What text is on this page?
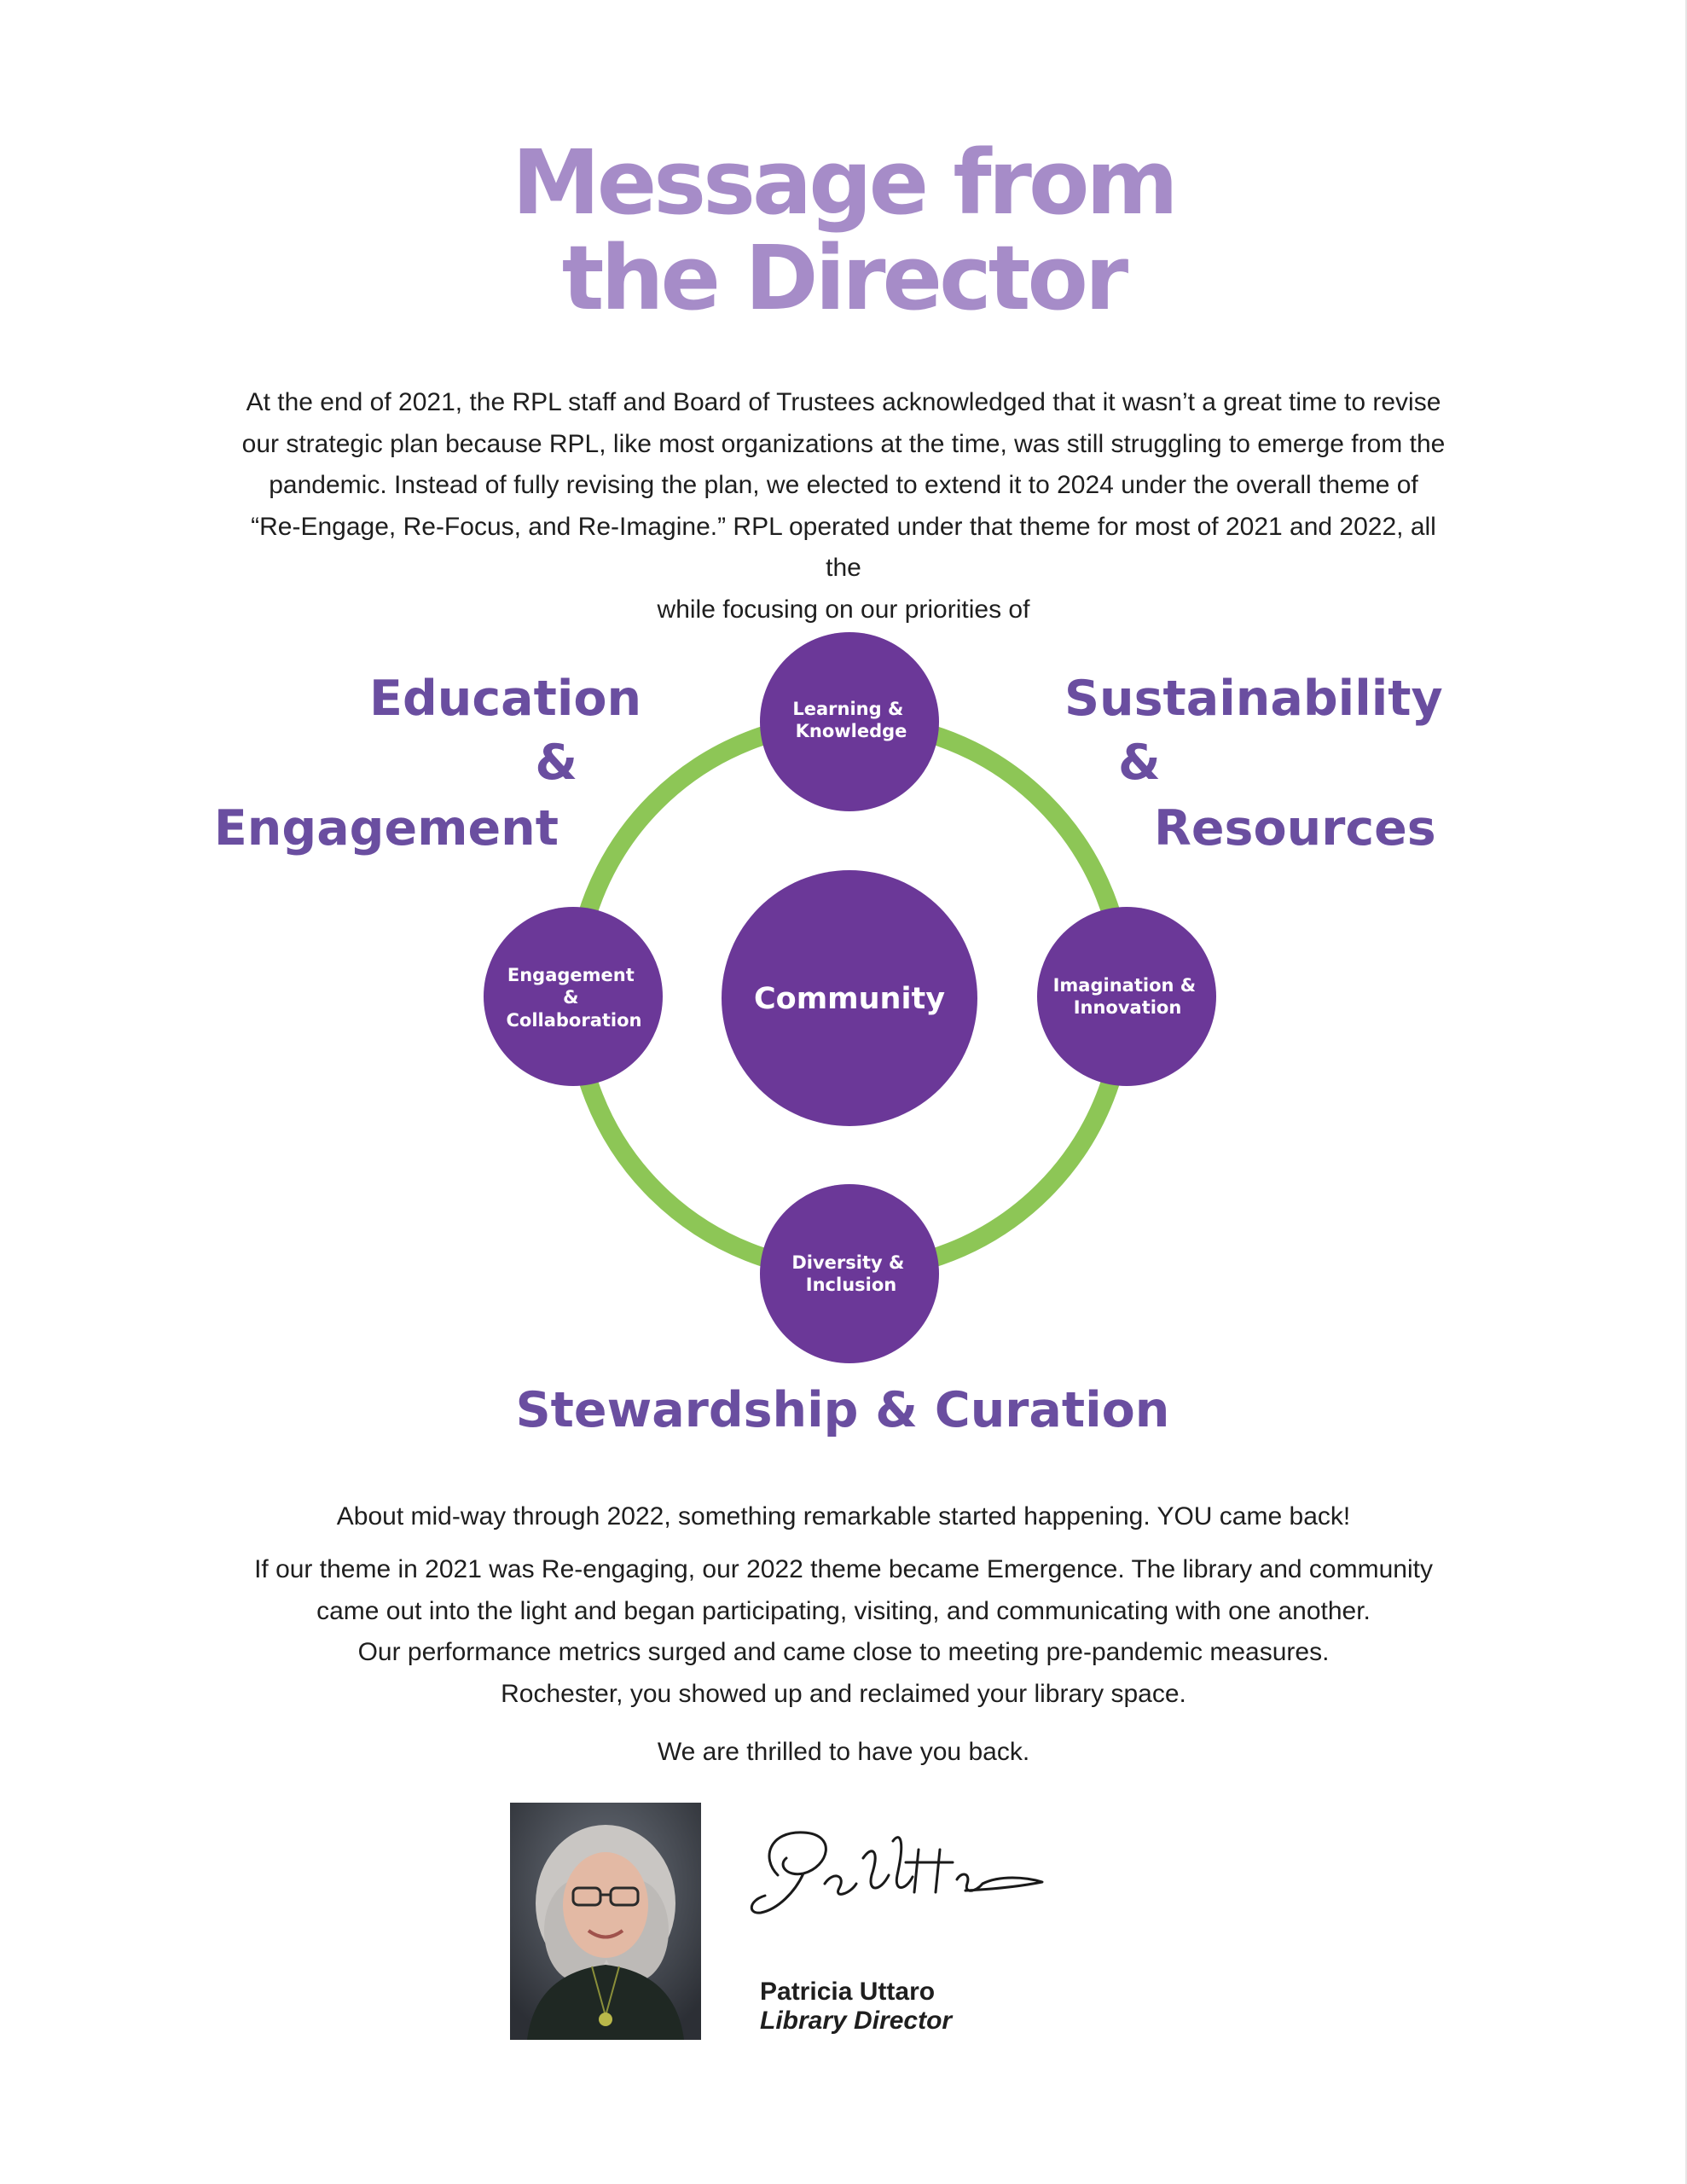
Message from
the Director
At the end of 2021, the RPL staff and Board of Trustees acknowledged that it wasn’t a great time to revise
our strategic plan because RPL, like most organizations at the time, was still struggling to emerge from the
pandemic. Instead of fully revising the plan, we elected to extend it to 2024 under the overall theme of
“Re-Engage, Re-Focus, and Re-Imagine.” RPL operated under that theme for most of 2021 and 2022, all the
while focusing on our priorities of
Learning & Knowledge
Engagement & Collaboration
Imagination & Innovation
Diversity & Inclusion
Community
Education & Engagement
Sustainability & Resources
Stewardship & Curation
About mid-way through 2022, something remarkable started happening. YOU came back!
If our theme in 2021 was Re-engaging, our 2022 theme became Emergence. The library and community
came out into the light and began participating, visiting, and communicating with one another.
Our performance metrics surged and came close to meeting pre-pandemic measures.
Rochester, you showed up and reclaimed your library space.
We are thrilled to have you back.
Patricia Uttaro
Library Director
